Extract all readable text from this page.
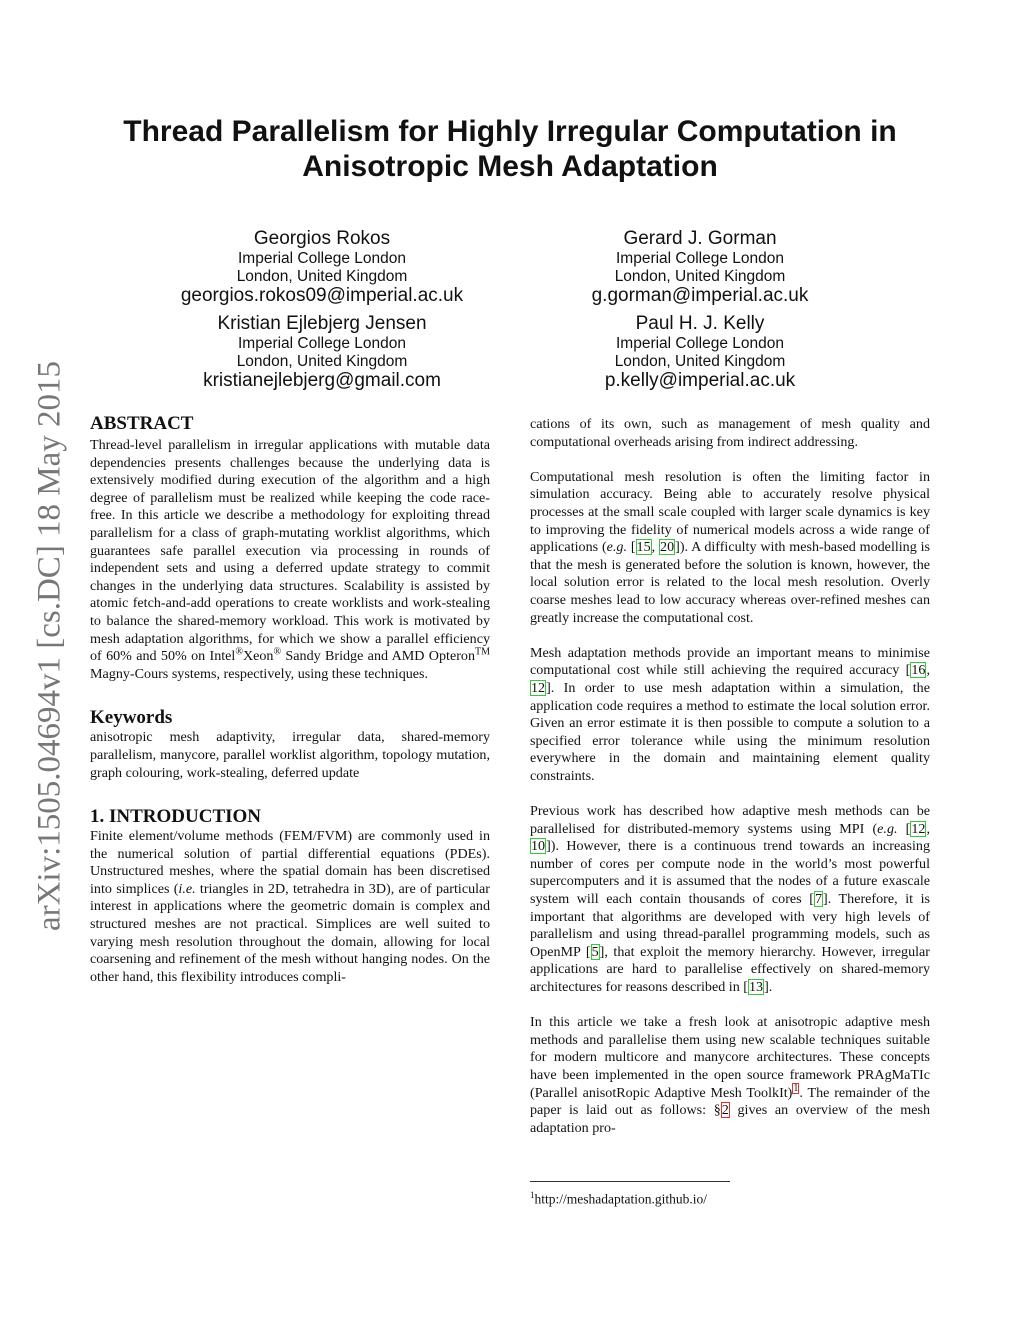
arXiv:1505.04694v1 [cs.DC] 18 May 2015
Thread Parallelism for Highly Irregular Computation in
Anisotropic Mesh Adaptation
Georgios Rokos
Imperial College London
London, United Kingdom
georgios.rokos09@imperial.ac.uk
Gerard J. Gorman
Imperial College London
London, United Kingdom
g.gorman@imperial.ac.uk
Kristian Ejlebjerg Jensen
Imperial College London
London, United Kingdom
kristianejlebjerg@gmail.com
Paul H. J. Kelly
Imperial College London
London, United Kingdom
p.kelly@imperial.ac.uk
ABSTRACT

Thread-level parallelism in irregular applications with mutable data dependencies presents challenges because the underlying data is extensively modified during execution of the algorithm and a high degree of parallelism must be realized while keeping the code race-free. In this article we describe a methodology for exploiting thread parallelism for a class of graph-mutating worklist algorithms, which guarantees safe parallel execution via processing in rounds of independent sets and using a deferred update strategy to commit changes in the underlying data structures. Scalability is assisted by atomic fetch-and-add operations to create worklists and work-stealing to balance the shared-memory workload. This work is motivated by mesh adaptation algorithms, for which we show a parallel efficiency of 60% and 50% on Intel®Xeon® Sandy Bridge and AMD Opteron™ Magny-Cours systems, respectively, using these techniques.

Keywords

anisotropic mesh adaptivity, irregular data, shared-memory parallelism, manycore, parallel worklist algorithm, topology mutation, graph colouring, work-stealing, deferred update

1. INTRODUCTION

Finite element/volume methods (FEM/FVM) are commonly used in the numerical solution of partial differential equations (PDEs). Unstructured meshes, where the spatial domain has been discretised into simplices (i.e. triangles in 2D, tetrahedra in 3D), are of particular interest in applications where the geometric domain is complex and structured meshes are not practical. Simplices are well suited to varying mesh resolution throughout the domain, allowing for local coarsening and refinement of the mesh without hanging nodes. On the other hand, this flexibility introduces compli-

cations of its own, such as management of mesh quality and computational overheads arising from indirect addressing.

Computational mesh resolution is often the limiting factor in simulation accuracy. Being able to accurately resolve physical processes at the small scale coupled with larger scale dynamics is key to improving the fidelity of numerical models across a wide range of applications (e.g. [15, 20]). A difficulty with mesh-based modelling is that the mesh is generated before the solution is known, however, the local solution error is related to the local mesh resolution. Overly coarse meshes lead to low accuracy whereas over-refined meshes can greatly increase the computational cost.

Mesh adaptation methods provide an important means to minimise computational cost while still achieving the required accuracy [16, 12]. In order to use mesh adaptation within a simulation, the application code requires a method to estimate the local solution error. Given an error estimate it is then possible to compute a solution to a specified error tolerance while using the minimum resolution everywhere in the domain and maintaining element quality constraints.

Previous work has described how adaptive mesh methods can be parallelised for distributed-memory systems using MPI (e.g. [12, 10]). However, there is a continuous trend towards an increasing number of cores per compute node in the world’s most powerful supercomputers and it is assumed that the nodes of a future exascale system will each contain thousands of cores [7]. Therefore, it is important that algorithms are developed with very high levels of parallelism and using thread-parallel programming models, such as OpenMP [5], that exploit the memory hierarchy. However, irregular applications are hard to parallelise effectively on shared-memory architectures for reasons described in [13].

In this article we take a fresh look at anisotropic adaptive mesh methods and parallelise them using new scalable techniques suitable for modern multicore and manycore architectures. These concepts have been implemented in the open source framework PRAgMaTIc (Parallel anisotRopic Adaptive Mesh ToolkIt)$^1$. The remainder of the paper is laid out as follows: §2 gives an overview of the mesh adaptation pro-

$^1$http://meshadaptation.github.io/
